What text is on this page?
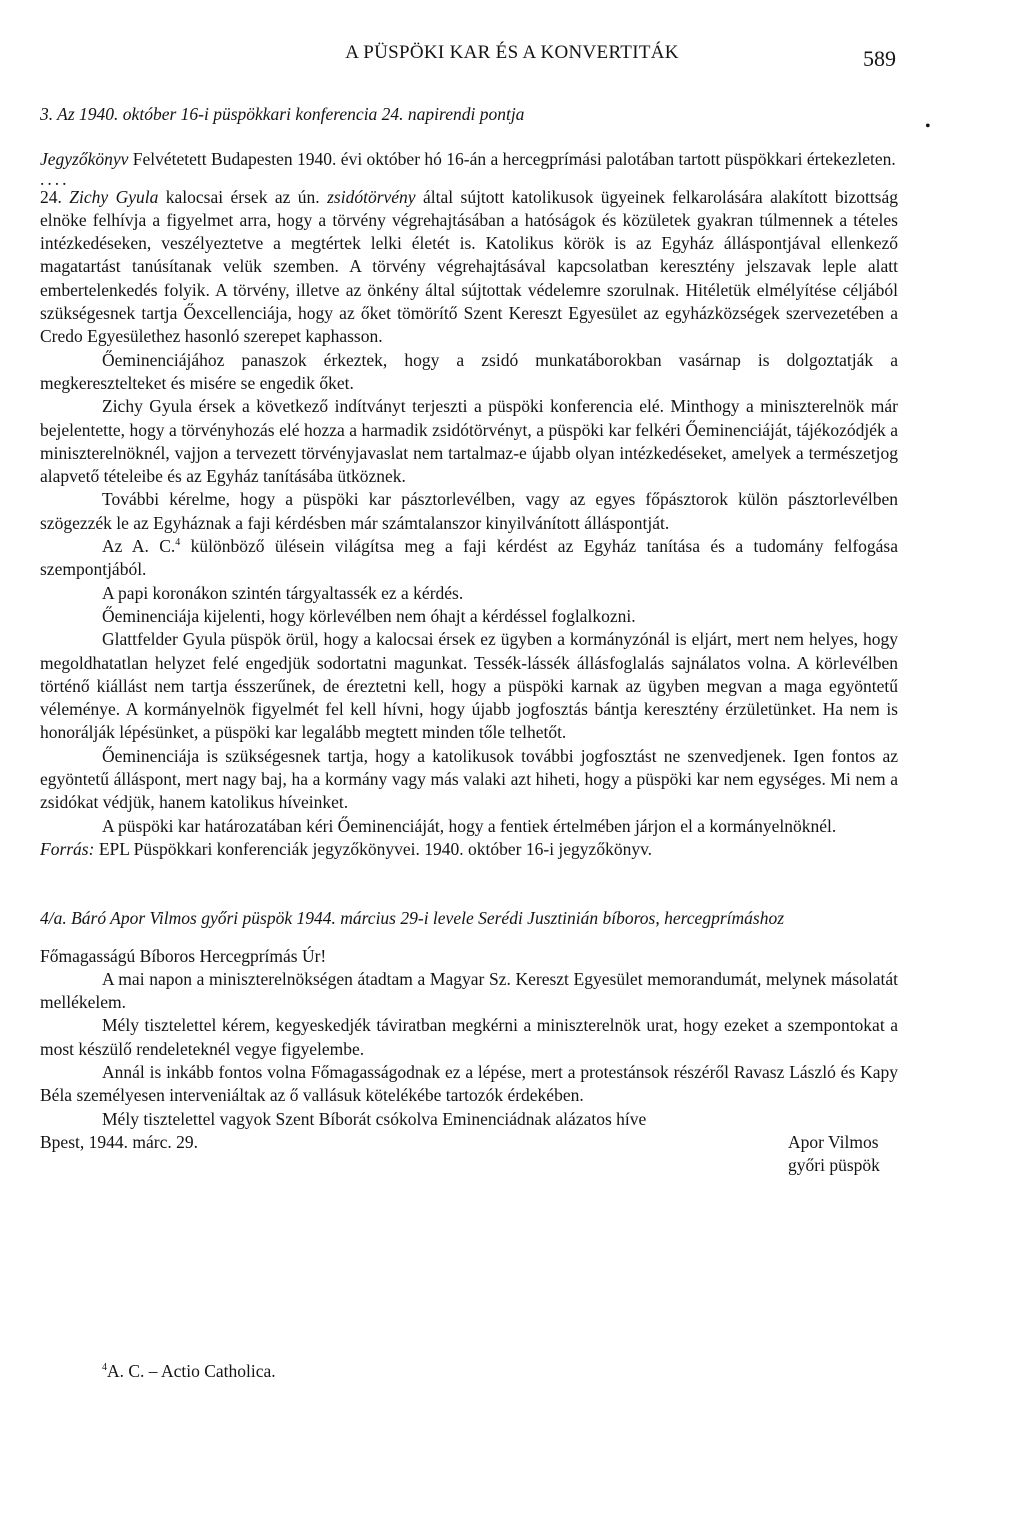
A PÜSPÖKI KAR ÉS A KONVERTITÁK	589
•

3. Az 1940. október 16-i püspökkari konferencia 24. napirendi pontja

Jegyzőkönyv Felvétetett Budapesten 1940. évi október hó 16-án a hercegprímási palotában tartott püspökkari értekezleten.

....

24. Zichy Gyula kalocsai érsek az ún. zsidótörvény által sújtott katolikusok ügyeinek felkarolására alakított bizottság elnöke felhívja a figyelmet arra, hogy a törvény végrehajtásában a hatóságok és közületek gyakran túlmennek a tételes intézkedéseken, veszélyeztetve a megtértek lelki életét is. Katolikus körök is az Egyház álláspontjával ellenkező magatartást tanúsítanak velük szemben. A törvény végrehajtásával kapcsolatban keresztény jelszavak leple alatt embertelenkedés folyik. A törvény, illetve az önkény által sújtottak védelemre szorulnak. Hitéletük elmélyítése céljából szükségesnek tartja Őexcellenciája, hogy az őket tömörítő Szent Kereszt Egyesület az egyházközségek szervezetében a Credo Egyesülethez hasonló szerepet kaphasson.

Őeminenciájához panaszok érkeztek, hogy a zsidó munkatáborokban vasárnap is dolgoztatják a megkeresztelteket és misére se engedik őket.

Zichy Gyula érsek a következő indítványt terjeszti a püspöki konferencia elé. Minthogy a miniszterelnök már bejelentette, hogy a törvényhozás elé hozza a harmadik zsidótörvényt, a püspöki kar felkéri Őeminenciáját, tájékozódjék a miniszterelnöknél, vajjon a tervezett törvényjavaslat nem tartalmaz-e újabb olyan intézkedéseket, amelyek a természetjog alapvető tételeibe és az Egyház tanításába ütköznek.

További kérelme, hogy a püspöki kar pásztorlevélben, vagy az egyes főpásztorok külön pásztorlevélben szögezzék le az Egyháznak a faji kérdésben már számtalanszor kinyilvánított álláspontját.

Az A. C.$^4$ különböző ülésein világítsa meg a faji kérdést az Egyház tanítása és a tudomány felfogása szempontjából.

A papi koronákon szintén tárgyaltassék ez a kérdés.

Őeminenciája kijelenti, hogy körlevélben nem óhajt a kérdéssel foglalkozni.

Glattfelder Gyula püspök örül, hogy a kalocsai érsek ez ügyben a kormányzónál is eljárt, mert nem helyes, hogy megoldhatatlan helyzet felé engedjük sodortatni magunkat. Tessék-lássék állásfoglalás sajnálatos volna. A körlevélben történő kiállást nem tartja ésszerűnek, de éreztetni kell, hogy a püspöki karnak az ügyben megvan a maga egyöntetű véleménye. A kormányelnök figyelmét fel kell hívni, hogy újabb jogfosztás bántja keresztény érzületünket. Ha nem is honorálják lépésünket, a püspöki kar legalább megtett minden tőle telhetőt.

Őeminenciája is szükségesnek tartja, hogy a katolikusok további jogfosztást ne szenvedjenek. Igen fontos az egyöntetű álláspont, mert nagy baj, ha a kormány vagy más valaki azt hiheti, hogy a püspöki kar nem egységes. Mi nem a zsidókat védjük, hanem katolikus híveinket.

A püspöki kar határozatában kéri Őeminenciáját, hogy a fentiek értelmében járjon el a kormányelnöknél.

Forrás: EPL Püspökkari konferenciák jegyzőkönyvei. 1940. október 16-i jegyzőkönyv.

4/a. Báró Apor Vilmos győri püspök 1944. március 29-i levele Serédi Jusztinián bíboros, hercegprímáshoz

Főmagasságú Bíboros Hercegprímás Úr!

A mai napon a miniszterelnökségen átadtam a Magyar Sz. Kereszt Egyesület memorandumát, melynek másolatát mellékelem.

Mély tisztelettel kérem, kegyeskedjék táviratban megkérni a miniszterelnök urat, hogy ezeket a szempontokat a most készülő rendeleteknél vegye figyelembe.

Annál is inkább fontos volna Főmagasságodnak ez a lépése, mert a protestánsok részéről Ravasz László és Kapy Béla személyesen interveniáltak az ő vallásuk kötelékébe tartozók érdekében.

Mély tisztelettel vagyok Szent Bíborát csókolva Eminenciádnak alázatos híve

Bpest, 1944. márc. 29.	Apor Vilmos
győri püspök
$^4$A. C. – Actio Catholica.
